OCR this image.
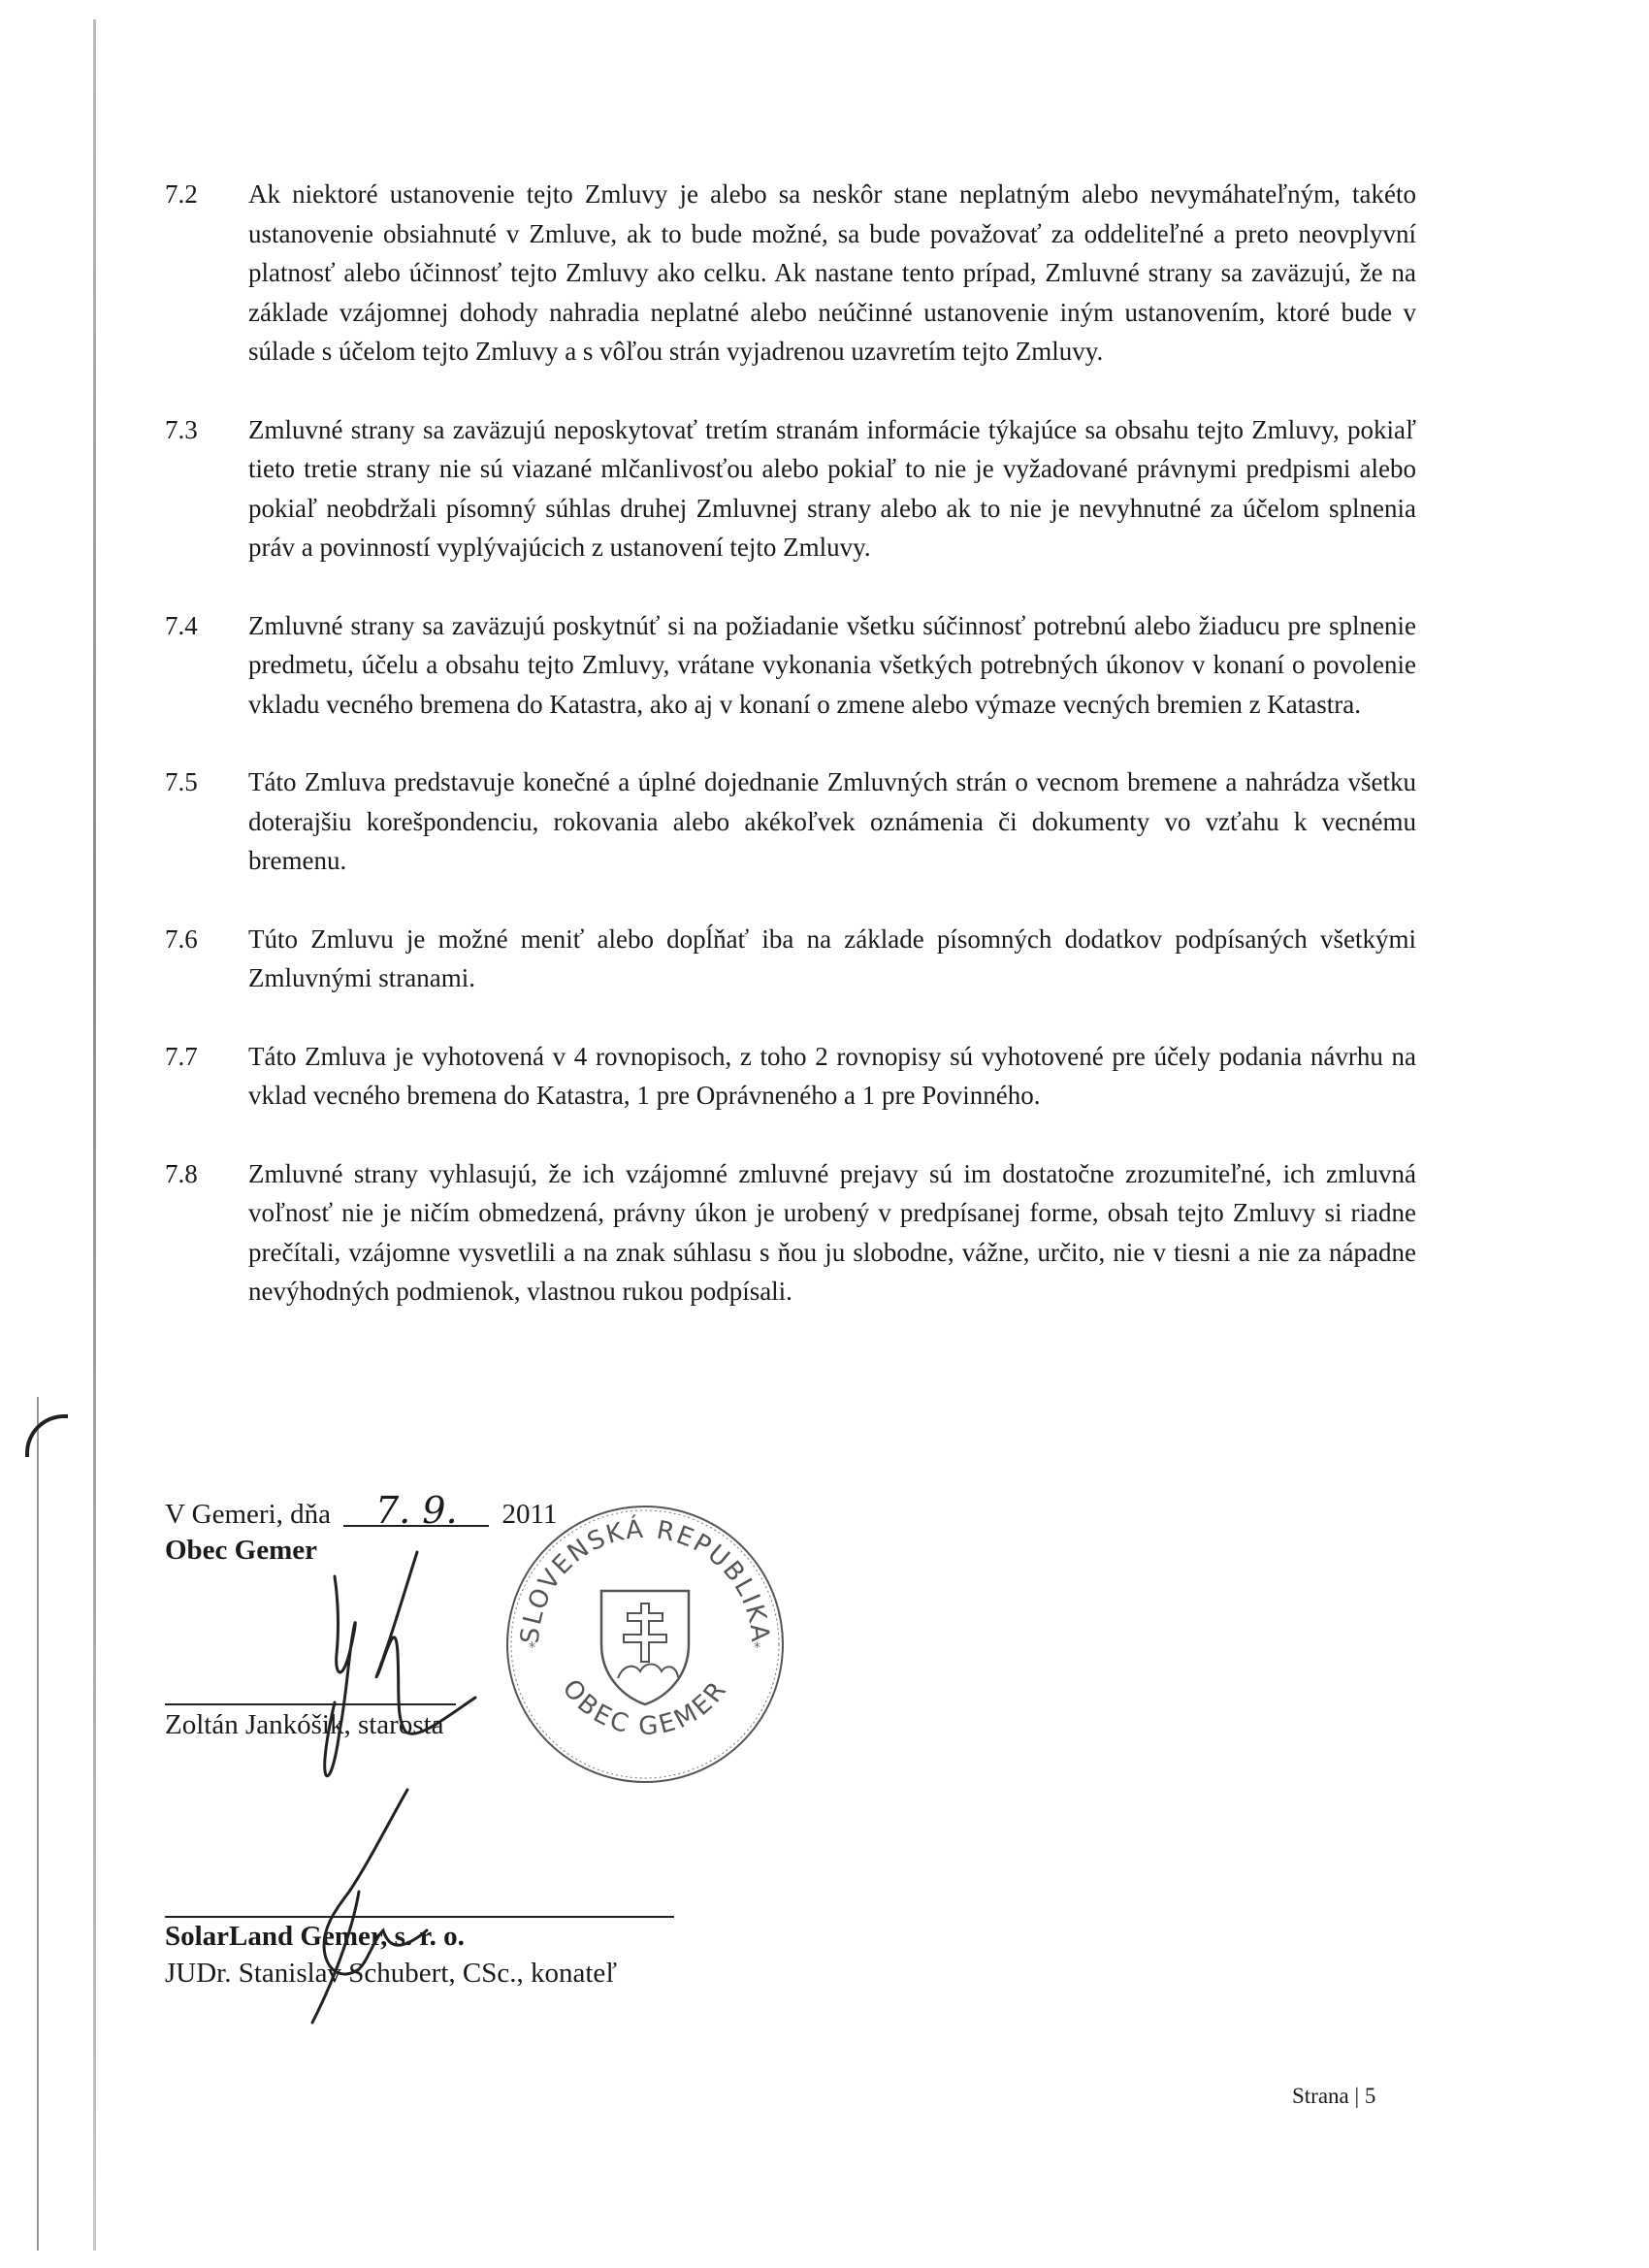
7.2	Ak niektoré ustanovenie tejto Zmluvy je alebo sa neskôr stane neplatným alebo nevymáhateľným, takéto ustanovenie obsiahnuté v Zmluve, ak to bude možné, sa bude považovať za oddeliteľné a preto neovplyvní platnosť alebo účinnosť tejto Zmluvy ako celku. Ak nastane tento prípad, Zmluvné strany sa zaväzujú, že na základe vzájomnej dohody nahradia neplatné alebo neúčinné ustanovenie iným ustanovením, ktoré bude v súlade s účelom tejto Zmluvy a s vôľou strán vyjadrenou uzavretím tejto Zmluvy.
7.3	Zmluvné strany sa zaväzujú neposkytovať tretím stranám informácie týkajúce sa obsahu tejto Zmluvy, pokiaľ tieto tretie strany nie sú viazané mlčanlivosťou alebo pokiaľ to nie je vyžadované právnymi predpismi alebo pokiaľ neobdržali písomný súhlas druhej Zmluvnej strany alebo ak to nie je nevyhnutné za účelom splnenia práv a povinností vyplývajúcich z ustanovení tejto Zmluvy.
7.4	Zmluvné strany sa zaväzujú poskytnúť si na požiadanie všetku súčinnosť potrebnú alebo žiaducu pre splnenie predmetu, účelu a obsahu tejto Zmluvy, vrátane vykonania všetkých potrebných úkonov v konaní o povolenie vkladu vecného bremena do Katastra, ako aj v konaní o zmene alebo výmaze vecných bremien z Katastra.
7.5	Táto Zmluva predstavuje konečné a úplné dojednanie Zmluvných strán o vecnom bremene a nahrádza všetku doterajšiu korešpondenciu, rokovania alebo akékoľvek oznámenia či dokumenty vo vzťahu k vecnému bremenu.
7.6	Túto Zmluvu je možné meniť alebo dopĺňať iba na základe písomných dodatkov podpísaných všetkými Zmluvnými stranami.
7.7	Táto Zmluva je vyhotovená v 4 rovnopisoch, z toho 2 rovnopisy sú vyhotovené pre účely podania návrhu na vklad vecného bremena do Katastra, 1 pre Oprávneného a 1 pre Povinného.
7.8	Zmluvné strany vyhlasujú, že ich vzájomné zmluvné prejavy sú im dostatočne zrozumiteľné, ich zmluvná voľnosť nie je ničím obmedzená, právny úkon je urobený v predpísanej forme, obsah tejto Zmluvy si riadne prečítali, vzájomne vysvetlili a na znak súhlasu s ňou ju slobodne, vážne, určito, nie v tiesni a nie za nápadne nevýhodných podmienok, vlastnou rukou podpísali.
V Gemeri, dňa 7. 9. 2011
Obec Gemer
Zoltán Jankóšik, starosta
SLOVENSKÁ REPUBLIKA
OBEC GEMER
*	*
SolarLand Gemer, s. r. o.
JUDr. Stanislav Schubert, CSc., konateľ
Strana | 5
